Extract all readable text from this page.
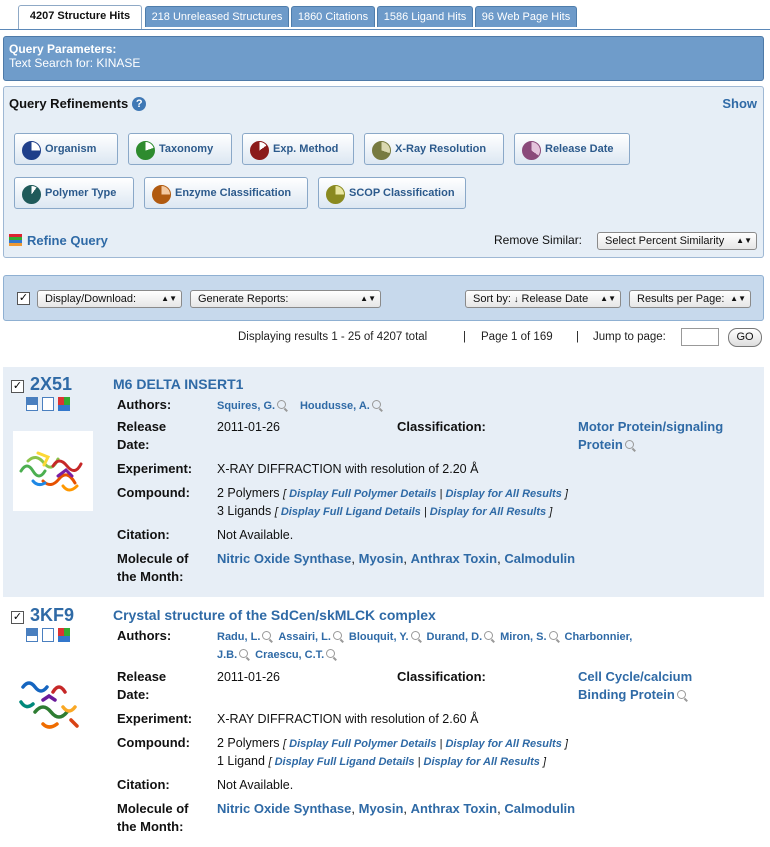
4207 Structure Hits	218 Unreleased Structures	1860 Citations	1586 Ligand Hits	96 Web Page Hits
Query Parameters:
Text Search for: KINASE
Query Refinements ?	Show
Organism	Taxonomy	Exp. Method	X-Ray Resolution	Release Date
Polymer Type	Enzyme Classification	SCOP Classification
Refine Query	Remove Similar:	Select Percent Similarity ▲▼
✓	Display/Download:	▲▼	Generate Reports:	▲▼	Sort by: ↓ Release Date ▲▼	Results per Page: ▲▼
Displaying results 1 - 25 of 4207 total	| Page 1 of 169 | Jump to page:	GO
✓ 2X51	M6 DELTA INSERT1
Authors:	Squires, G. Houdusse, A.
Release
Date:
2011-01-26	Classification:	Motor Protein/signaling
Protein
Experiment: X-RAY DIFFRACTION with resolution of 2.20 Å
Compound: 2 Polymers [ Display Full Polymer Details | Display for All Results ]
3 Ligands [ Display Full Ligand Details | Display for All Results ]
Citation:	Not Available.
Molecule of
the Month:
Nitric Oxide Synthase, Myosin, Anthrax Toxin, Calmodulin
✓ 3KF9	Crystal structure of the SdCen/skMLCK complex
Authors:	Radu, L. Assairi, L. Blouquit, Y. Durand, D. Miron, S. Charbonnier,
J.B. Craescu, C.T.
Release
Date:
2011-01-26	Classification:	Cell Cycle/calcium
Binding Protein
Experiment: X-RAY DIFFRACTION with resolution of 2.60 Å
Compound: 2 Polymers [ Display Full Polymer Details | Display for All Results ]
1 Ligand [ Display Full Ligand Details | Display for All Results ]
Citation:	Not Available.
Molecule of
the Month:
Nitric Oxide Synthase, Myosin, Anthrax Toxin, Calmodulin
